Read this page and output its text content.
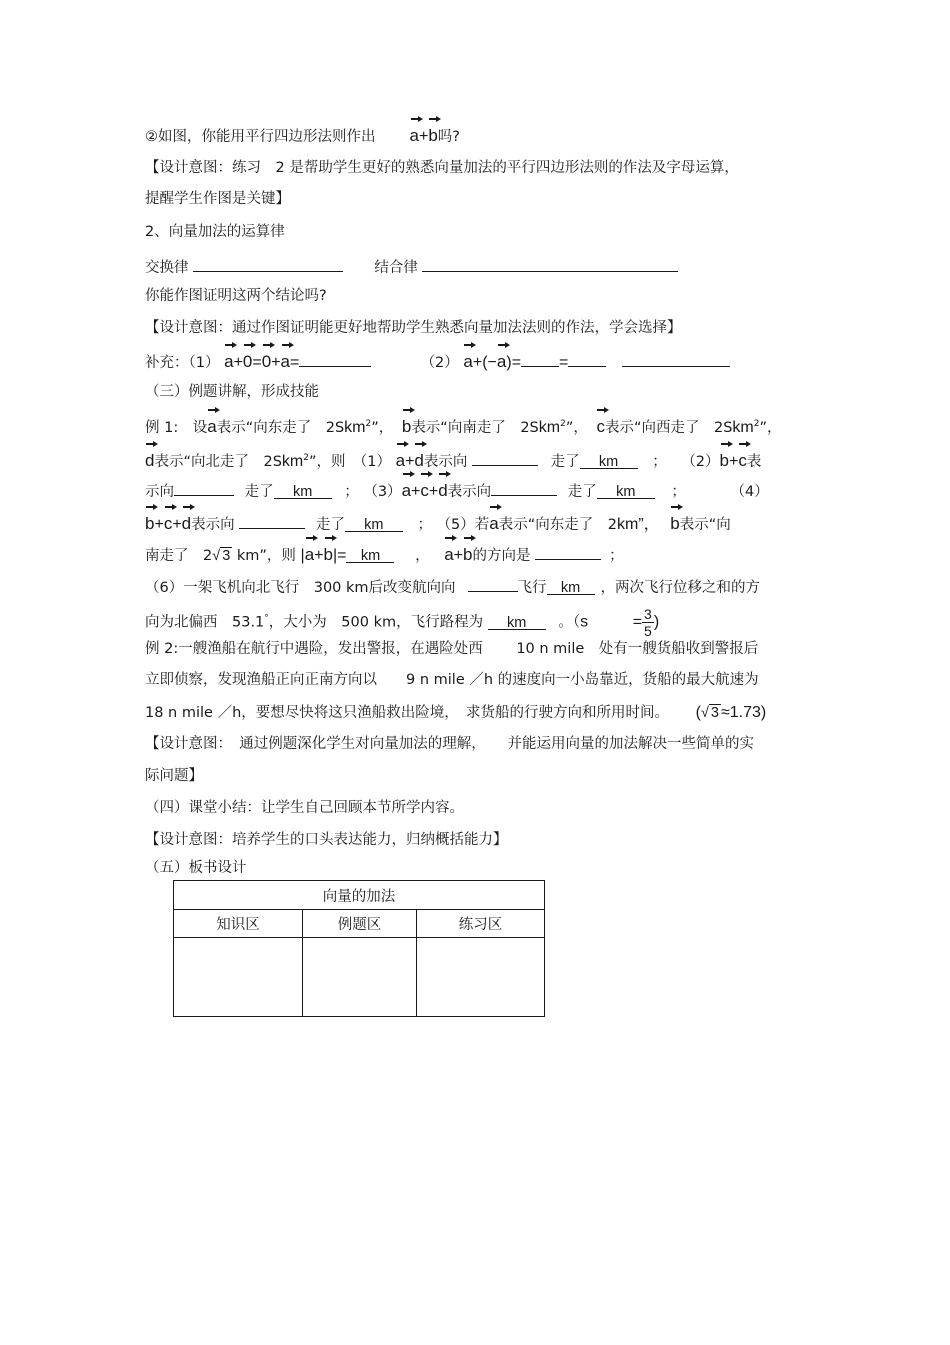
②如图，你能用平行四边形法则作出 a+b吗?
【设计意图：练习　2 是帮助学生更好的熟悉向量加法的平行四边形法则的作法及字母运算，
提醒学生作图是关键】
2、向量加法的运算律
交换律	结合律
你能作图证明这两个结论吗?
【设计意图：通过作图证明能更好地帮助学生熟悉向量加法法则的作法，学会选择】
补充：（1） a+0=0+a=	（2） a+(−a)= =
（三）例题讲解，形成技能
例 1:　设a表示“向东走了　2Skm$^2$”， b表示“向南走了　2Skm$^2$”， c表示“向西走了　2Skm$^2$”，
d表示“向北走了　2Skm$^2$”，则　（1） a+d表示向	走了 km ； （2）b+c表
示向	走了 km ； （3）a+c+d表示向	走了 km ；	（4）
b+c+d表示向	走了 km ； （5）若a表示“向东走了　2km”， b表示“向
南走了　2√ 3 km”，则 |a+b|= km ， a+b的方向是	；
（6）一架飞机向北飞行　300 km后改变航向向	飞行 km ，两次飞行位移之和的方
向为北偏西　53.1°，大小为　500 km，飞行路程为 km 。（s	= $\frac{3}{5}$ )
例 2:一艘渔船在航行中遇险，发出警报，在遇险处西　　 10 n mile　处有一艘货船收到警报后
立即侦察，发现渔船正向正南方向以　　9 n mile ／h 的速度向一小岛靠近，货船的最大航速为
18 n mile ／h，要想尽快将这只渔船救出险境，　求货船的行驶方向和所用时间。 (√ 3 ≈1.73)
【设计意图：　通过例题深化学生对向量加法的理解，　　并能运用向量的加法解决一些简单的实
际问题】
（四）课堂小结：让学生自己回顾本节所学内容。
【设计意图：培养学生的口头表达能力，归纳概括能力】
（五）板书设计
向量的加法		
知识区	例题区	练习区
